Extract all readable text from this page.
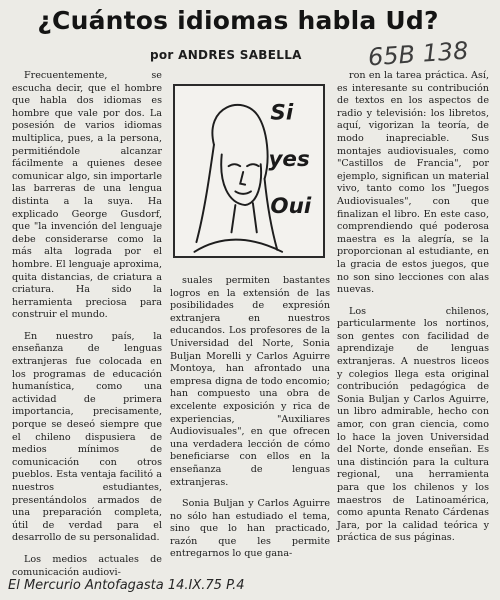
¿Cuántos idiomas habla Ud?

65B 138

por ANDRES SABELLA

Frecuentemente, se escucha decir, que el hombre que habla dos idiomas es hombre que vale por dos. La posesión de varios idiomas multiplica, pues, a la persona, permitiéndole alcanzar fácilmente a quienes desee comunicar algo, sin importarle las barreras de una lengua distinta a la suya. Ha explicado George Gusdorf, que "la invención del lenguaje debe considerarse como la más alta lograda por el hombre. El lenguaje aproxima, quita distancias, de criatura a criatura. Ha sido la herramienta preciosa para construir el mundo.

En nuestro país, la enseñanza de lenguas extranjeras fue colocada en los programas de educación humanística, como una actividad de primera importancia, precisamente, porque se deseó siempre que el chileno dispusiera de medios mínimos de comunicación con otros pueblos. Esta ventaja facilitó a nuestros estudiantes, presentándolos armados de una preparación completa, útil de verdad para el desarrollo de su personalidad.

Los medios actuales de comunicación audiovi-

Si
yes
Oui

suales permiten bastantes logros en la extensión de las posibilidades de expresión extranjera en nuestros educandos. Los profesores de la Universidad del Norte, Sonia Buljan Morelli y Carlos Aguirre Montoya, han afrontado una empresa digna de todo encomio; han compuesto una obra de excelente exposición y rica de experiencias, "Auxiliares Audiovisuales", en que ofrecen una verdadera lección de cómo beneficiarse con ellos en la enseñanza de lenguas extranjeras.

Sonia Buljan y Carlos Aguirre no sólo han estudiado el tema, sino que lo han practicado, razón que les permite entregarnos lo que gana-

ron en la tarea práctica. Así, es interesante su contribución de textos en los aspectos de radio y televisión: los libretos, aquí, vigorizan la teoría, de modo inapreciable. Sus montajes audiovisuales, como "Castillos de Francia", por ejemplo, significan un material vivo, tanto como los "Juegos Audiovisuales", con que finalizan el libro. En este caso, comprendiendo qué poderosa maestra es la alegría, se la proporcionan al estudiante, en la gracia de estos juegos, que no son sino lecciones con alas nuevas.

Los chilenos, particularmente los nortinos, son gentes con facilidad de aprendizaje de lenguas extranjeras. A nuestros liceos y colegios llega esta original contribución pedagógica de Sonia Buljan y Carlos Aguirre, un libro admirable, hecho con amor, con gran ciencia, como lo hace la joven Universidad del Norte, donde enseñan. Es una distinción para la cultura regional, una herramienta para que los chilenos y los maestros de Latinoamérica, como apunta Renato Cárdenas Jara, por la calidad teórica y práctica de sus páginas.

El Mercurio Antofagasta 14.IX.75 P.4
